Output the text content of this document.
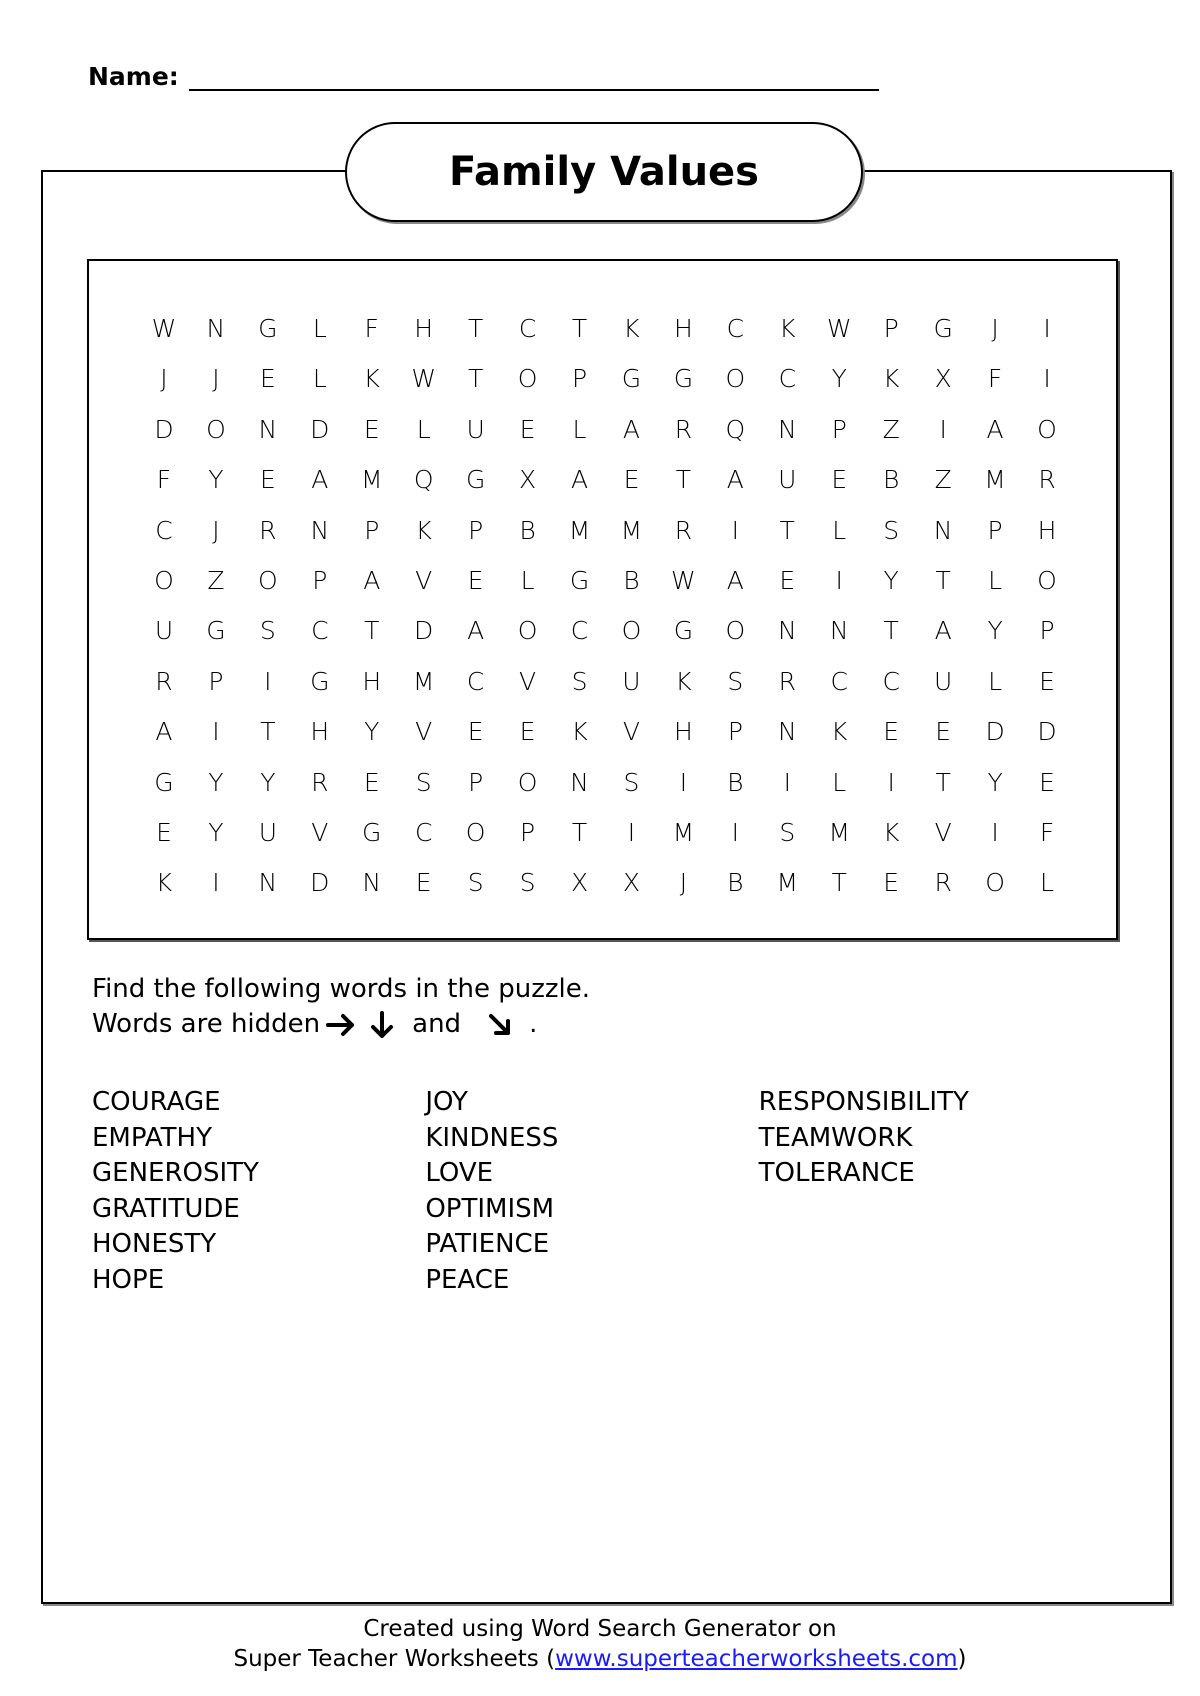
Name:
Family Values
W	N	G	L	F	H	T	C	T	K	H	C	K	W	P	G	J	I
J	J	E	L	K	W	T	O	P	G	G	O	C	Y	K	X	F	I
D	O	N	D	E	L	U	E	L	A	R	Q	N	P	Z	I	A	O
F	Y	E	A	M	Q	G	X	A	E	T	A	U	E	B	Z	M	R
C	J	R	N	P	K	P	B	M	M	R	I	T	L	S	N	P	H
O	Z	O	P	A	V	E	L	G	B	W	A	E	I	Y	T	L	O
U	G	S	C	T	D	A	O	C	O	G	O	N	N	T	A	Y	P
R	P	I	G	H	M	C	V	S	U	K	S	R	C	C	U	L	E
A	I	T	H	Y	V	E	E	K	V	H	P	N	K	E	E	D	D
G	Y	Y	R	E	S	P	O	N	S	I	B	I	L	I	T	Y	E
E	Y	U	V	G	C	O	P	T	I	M	I	S	M	K	V	I	F
K	I	N	D	N	E	S	S	X	X	J	B	M	T	E	R	O	L
Find the following words in the puzzle.
Words are hidden	and	.
COURAGE
EMPATHY
GENEROSITY
GRATITUDE
HONESTY
HOPE
JOY
KINDNESS
LOVE
OPTIMISM
PATIENCE
PEACE
RESPONSIBILITY
TEAMWORK
TOLERANCE
Created using Word Search Generator on
Super Teacher Worksheets (www.superteacherworksheets.com)
